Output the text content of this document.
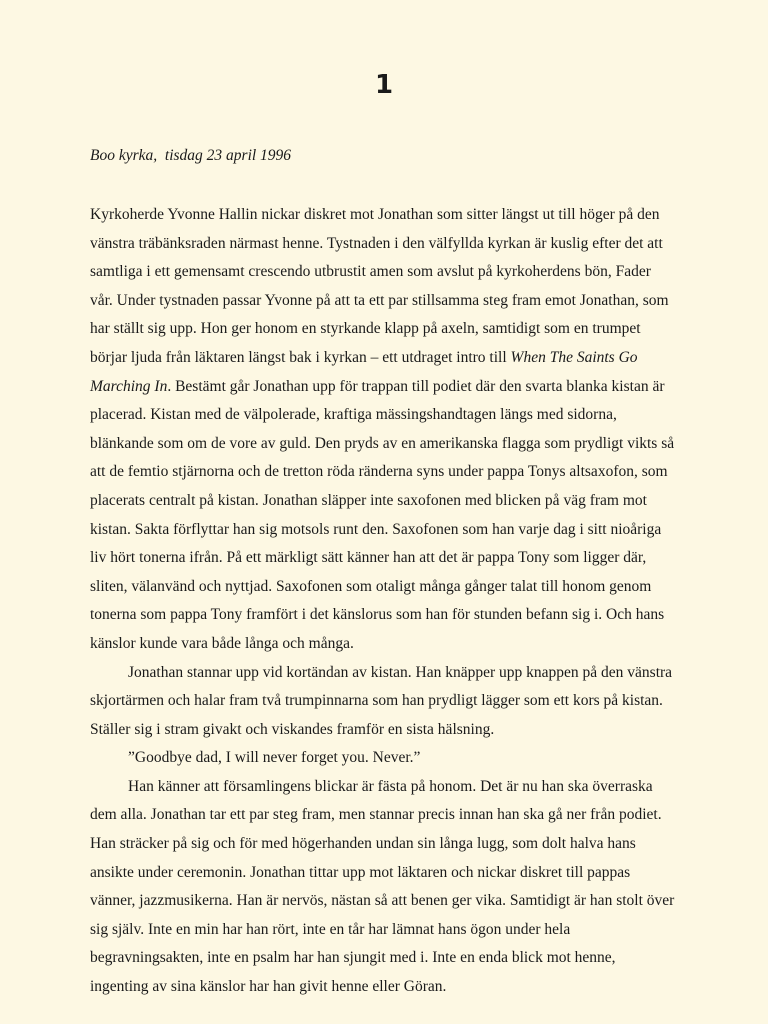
1
Boo kyrka,  tisdag 23 april 1996

Kyrkoherde Yvonne Hallin nickar diskret mot Jonathan som sitter längst ut till höger på den
vänstra träbänksraden närmast henne. Tystnaden i den välfyllda kyrkan är kuslig efter det att
samtliga i ett gemensamt crescendo utbrustit amen som avslut på kyrkoherdens bön, Fader
vår. Under tystnaden passar Yvonne på att ta ett par stillsamma steg fram emot Jonathan, som
har ställt sig upp. Hon ger honom en styrkande klapp på axeln, samtidigt som en trumpet
börjar ljuda från läktaren längst bak i kyrkan – ett utdraget intro till When The Saints Go
Marching In. Bestämt går Jonathan upp för trappan till podiet där den svarta blanka kistan är
placerad. Kistan med de välpolerade, kraftiga mässingshandtagen längs med sidorna,
blänkande som om de vore av guld. Den pryds av en amerikanska flagga som prydligt vikts så
att de femtio stjärnorna och de tretton röda ränderna syns under pappa Tonys altsaxofon, som
placerats centralt på kistan. Jonathan släpper inte saxofonen med blicken på väg fram mot
kistan. Sakta förflyttar han sig motsols runt den. Saxofonen som han varje dag i sitt nioåriga
liv hört tonerna ifrån. På ett märkligt sätt känner han att det är pappa Tony som ligger där,
sliten, välanvänd och nyttjad. Saxofonen som otaligt många gånger talat till honom genom
tonerna som pappa Tony framfört i det känslorus som han för stunden befann sig i. Och hans
känslor kunde vara både långa och många.

Jonathan stannar upp vid kortändan av kistan. Han knäpper upp knappen på den vänstra
skjortärmen och halar fram två trumpinnarna som han prydligt lägger som ett kors på kistan.
Ställer sig i stram givakt och viskandes framför en sista hälsning.

”Goodbye dad, I will never forget you. Never.”

Han känner att församlingens blickar är fästa på honom. Det är nu han ska överraska
dem alla. Jonathan tar ett par steg fram, men stannar precis innan han ska gå ner från podiet.
Han sträcker på sig och för med högerhanden undan sin långa lugg, som dolt halva hans
ansikte under ceremonin. Jonathan tittar upp mot läktaren och nickar diskret till pappas
vänner, jazzmusikerna. Han är nervös, nästan så att benen ger vika. Samtidigt är han stolt över
sig själv. Inte en min har han rört, inte en tår har lämnat hans ögon under hela
begravningsakten, inte en psalm har han sjungit med i. Inte en enda blick mot henne,
ingenting av sina känslor har han givit henne eller Göran.
